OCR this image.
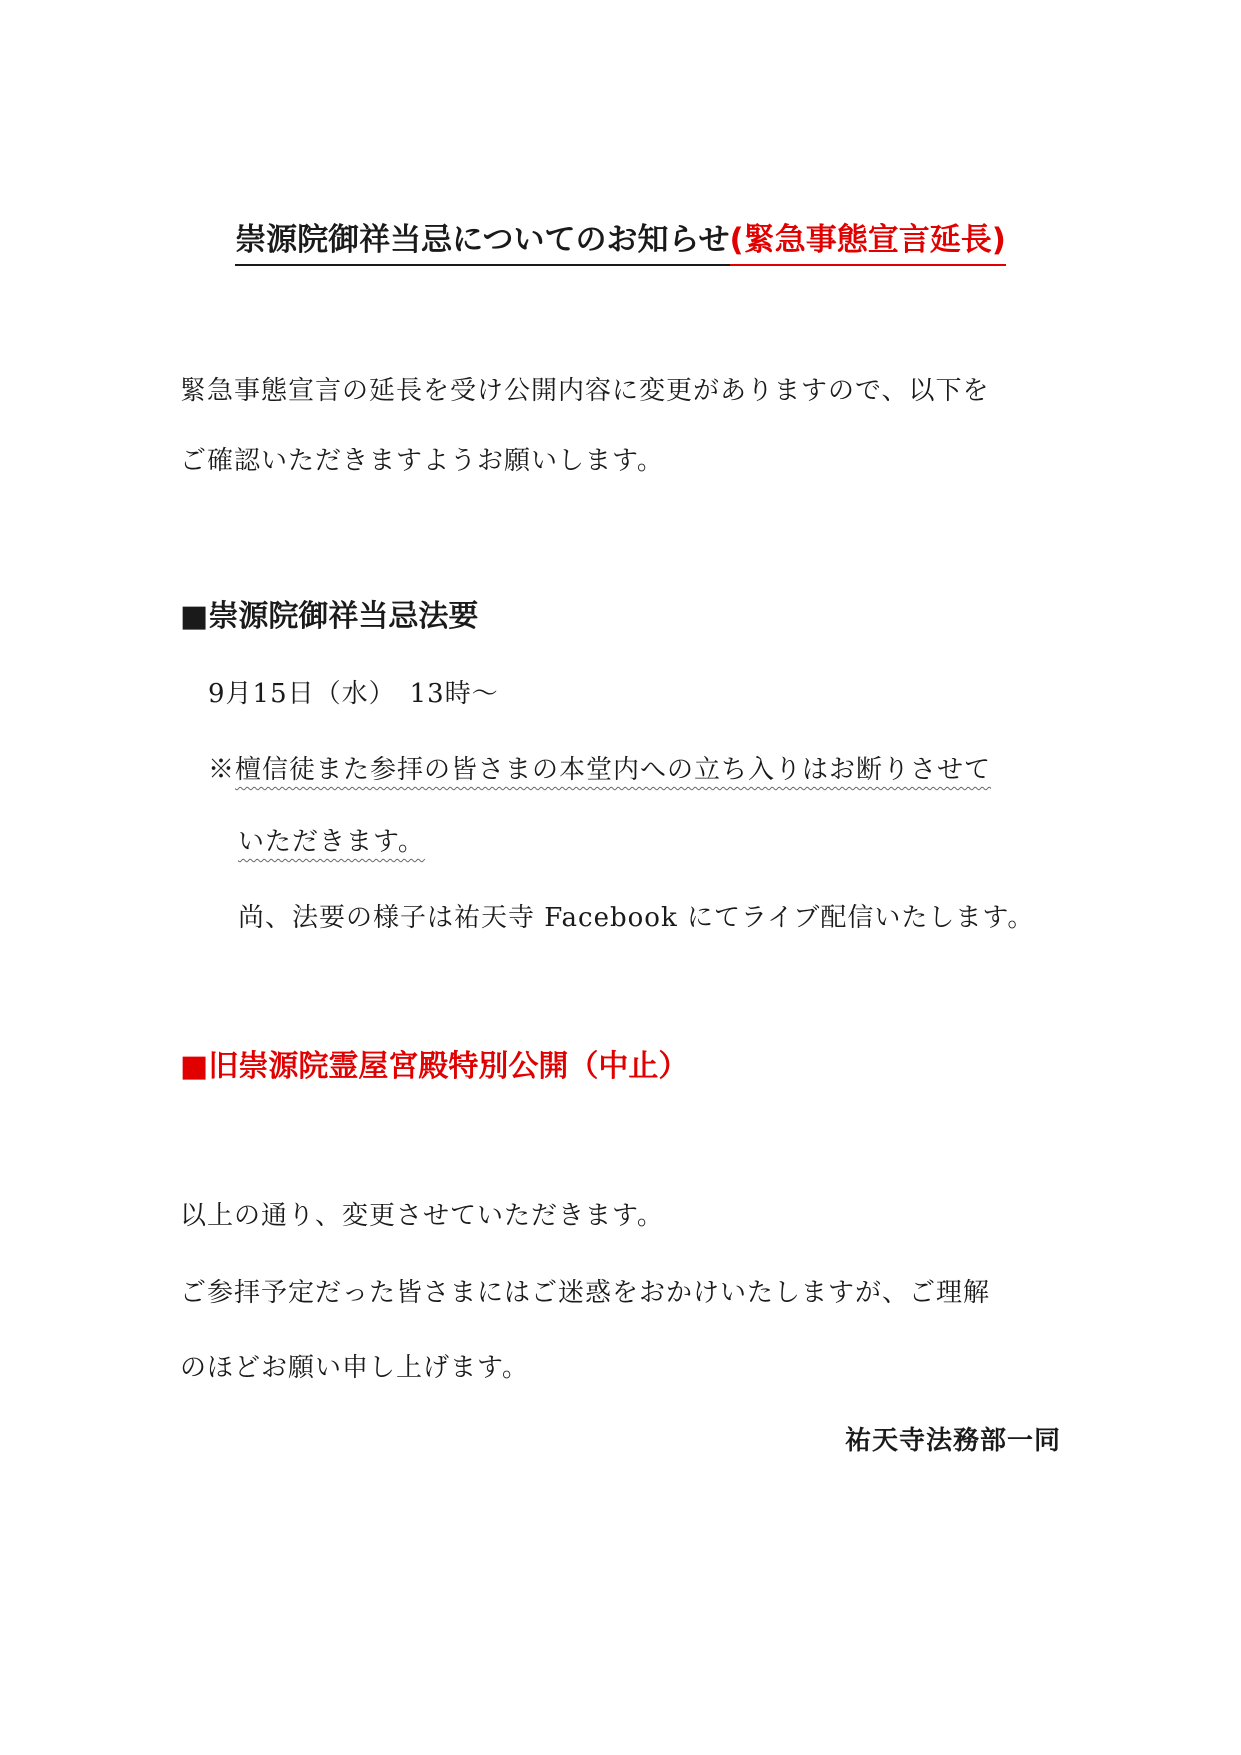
崇源院御祥当忌についてのお知らせ(緊急事態宣言延長)
緊急事態宣言の延長を受け公開内容に変更がありますので、以下を
ご確認いただきますようお願いします。
■崇源院御祥当忌法要
9月15日（水）　13時～
※檀信徒また参拝の皆さまの本堂内への立ち入りはお断りさせて
いただきます。
尚、法要の様子は祐天寺 Facebook にてライブ配信いたします。
■旧崇源院霊屋宮殿特別公開（中止）
以上の通り、変更させていただきます。
ご参拝予定だった皆さまにはご迷惑をおかけいたしますが、ご理解
のほどお願い申し上げます。
祐天寺法務部一同
